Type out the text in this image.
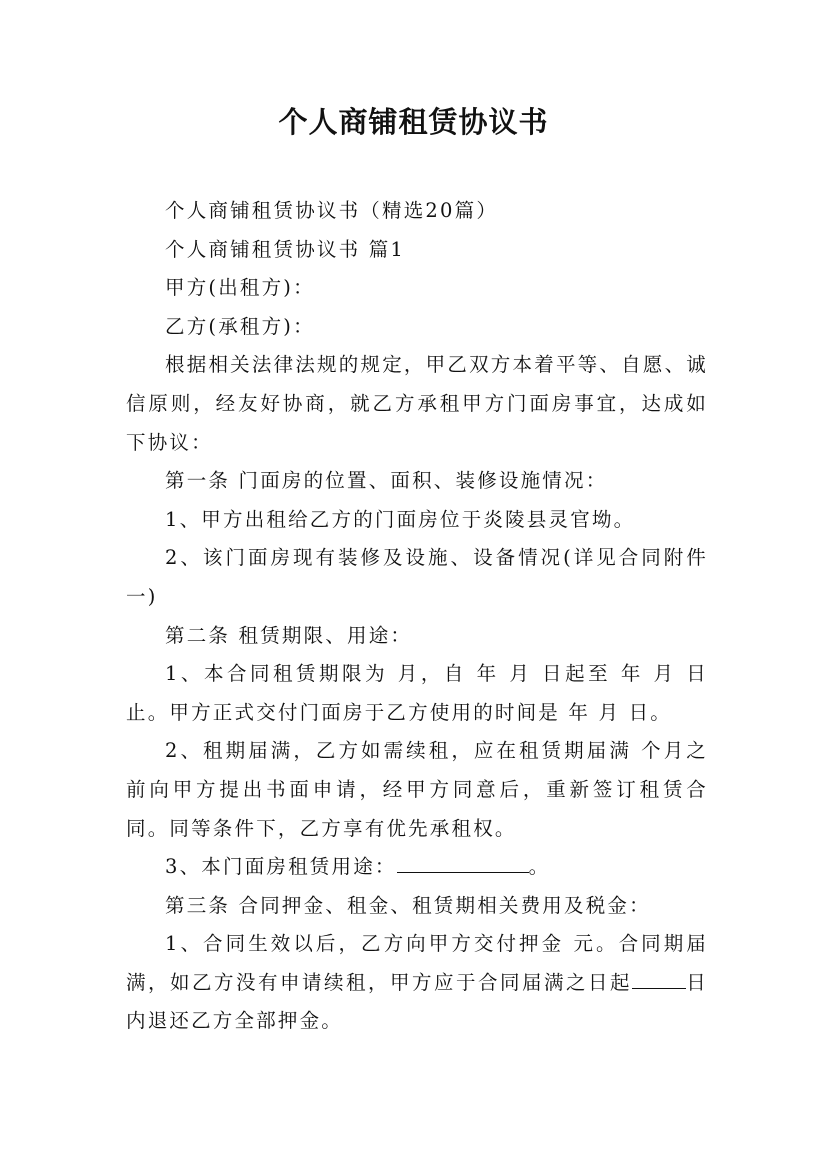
个人商铺租赁协议书

个人商铺租赁协议书（精选20篇）

个人商铺租赁协议书 篇1

甲方(出租方)：

乙方(承租方)：

根据相关法律法规的规定，甲乙双方本着平等、自愿、诚信原则，经友好协商，就乙方承租甲方门面房事宜，达成如下协议：

第一条 门面房的位置、面积、装修设施情况：

1、甲方出租给乙方的门面房位于炎陵县灵官坳。

2、该门面房现有装修及设施、设备情况(详见合同附件一)

第二条 租赁期限、用途：

1、本合同租赁期限为 月，自 年 月 日起至 年 月 日止。甲方正式交付门面房于乙方使用的时间是 年 月 日。

2、租期届满，乙方如需续租，应在租赁期届满 个月之前向甲方提出书面申请，经甲方同意后，重新签订租赁合同。同等条件下，乙方享有优先承租权。

3、本门面房租赁用途：	。

第三条 合同押金、租金、租赁期相关费用及税金：

1、合同生效以后，乙方向甲方交付押金 元。合同期届满，如乙方没有申请续租，甲方应于合同届满之日起	日内退还乙方全部押金。
